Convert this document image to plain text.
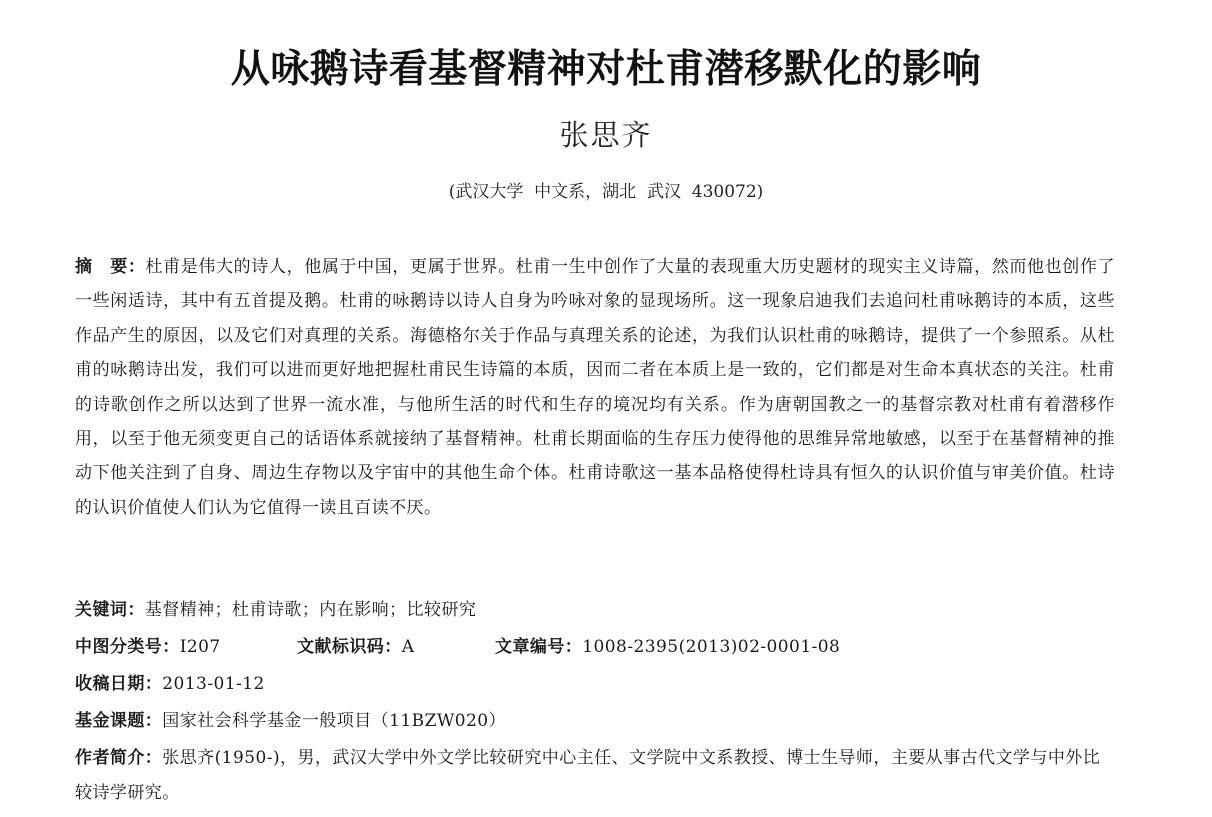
从咏鹅诗看基督精神对杜甫潜移默化的影响
张思齐
(武汉大学  中文系，湖北  武汉  430072)
摘　要：杜甫是伟大的诗人，他属于中国，更属于世界。杜甫一生中创作了大量的表现重大历史题材的现实主义诗篇，然而他也创作了一些闲适诗，其中有五首提及鹅。杜甫的咏鹅诗以诗人自身为吟咏对象的显现场所。这一现象启迪我们去追问杜甫咏鹅诗的本质，这些作品产生的原因，以及它们对真理的关系。海德格尔关于作品与真理关系的论述，为我们认识杜甫的咏鹅诗，提供了一个参照系。从杜甫的咏鹅诗出发，我们可以进而更好地把握杜甫民生诗篇的本质，因而二者在本质上是一致的，它们都是对生命本真状态的关注。杜甫的诗歌创作之所以达到了世界一流水准，与他所生活的时代和生存的境况均有关系。作为唐朝国教之一的基督宗教对杜甫有着潜移作用，以至于他无须变更自己的话语体系就接纳了基督精神。杜甫长期面临的生存压力使得他的思维异常地敏感，以至于在基督精神的推动下他关注到了自身、周边生存物以及宇宙中的其他生命个体。杜甫诗歌这一基本品格使得杜诗具有恒久的认识价值与审美价值。杜诗的认识价值使人们认为它值得一读且百读不厌。
关键词：基督精神；杜甫诗歌；内在影响；比较研究
中图分类号：I207	文献标识码：A	文章编号：1008-2395(2013)02-0001-08
收稿日期：2013-01-12
基金课题：国家社会科学基金一般项目（11BZW020）
作者简介：张思齐(1950-)，男，武汉大学中外文学比较研究中心主任、文学院中文系教授、博士生导师，主要从事古代文学与中外比较诗学研究。
